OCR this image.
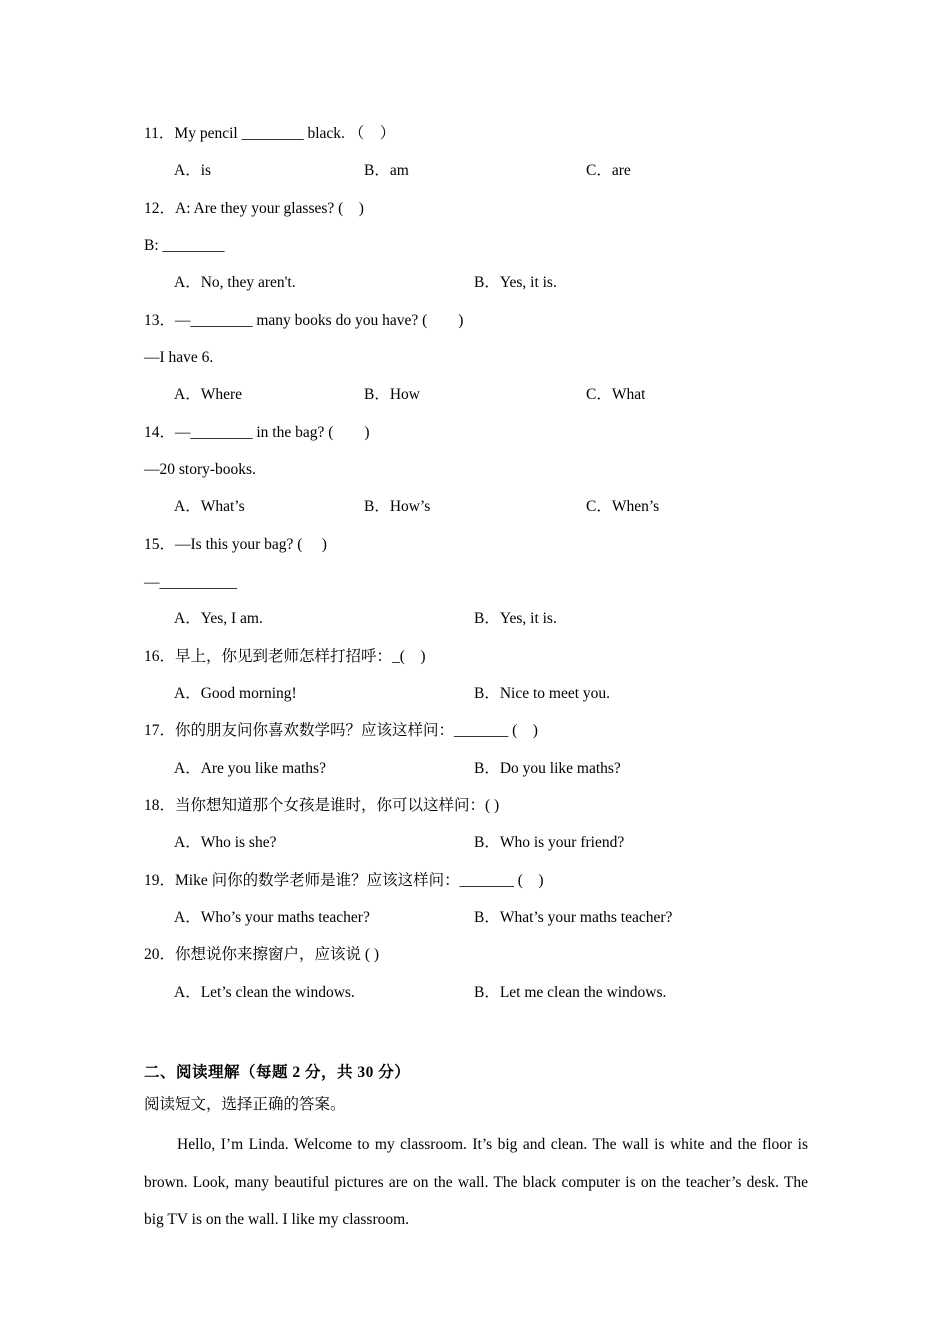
11．My pencil ________ black. （　）
A．is	B．am	C．are
12．A: Are they your glasses? (　)
B: ________
A．No, they aren't.	B．Yes, it is.
13．—________ many books do you have? (　　)
—I have 6.
A．Where	B．How	C．What
14．—________ in the bag? (　　)
—20 story-books.
A．What’s	B．How’s	C．When’s
15．—Is this your bag? (　 )
—__________
A．Yes, I am.	B．Yes, it is.
16．早上，你见到老师怎样打招呼：_(　)
A．Good morning!	B．Nice to meet you.
17．你的朋友问你喜欢数学吗？应该这样问：_______ (　)
A．Are you like maths?	B．Do you like maths?
18．当你想知道那个女孩是谁时，你可以这样问：( )
A．Who is she?	B．Who is your friend?
19．Mike 问你的数学老师是谁？应该这样问：_______ (　)
A．Who’s your maths teacher?	B．What’s your maths teacher?
20．你想说你来擦窗户，应该说 ( )
A．Let’s clean the windows.	B．Let me clean the windows.
二、阅读理解（每题 2 分，共 30 分）
阅读短文，选择正确的答案。
Hello, I’m Linda. Welcome to my classroom. It’s big and clean. The wall is white and the floor is brown. Look, many beautiful pictures are on the wall. The black computer is on the teacher’s desk. The big TV is on the wall. I like my classroom.
